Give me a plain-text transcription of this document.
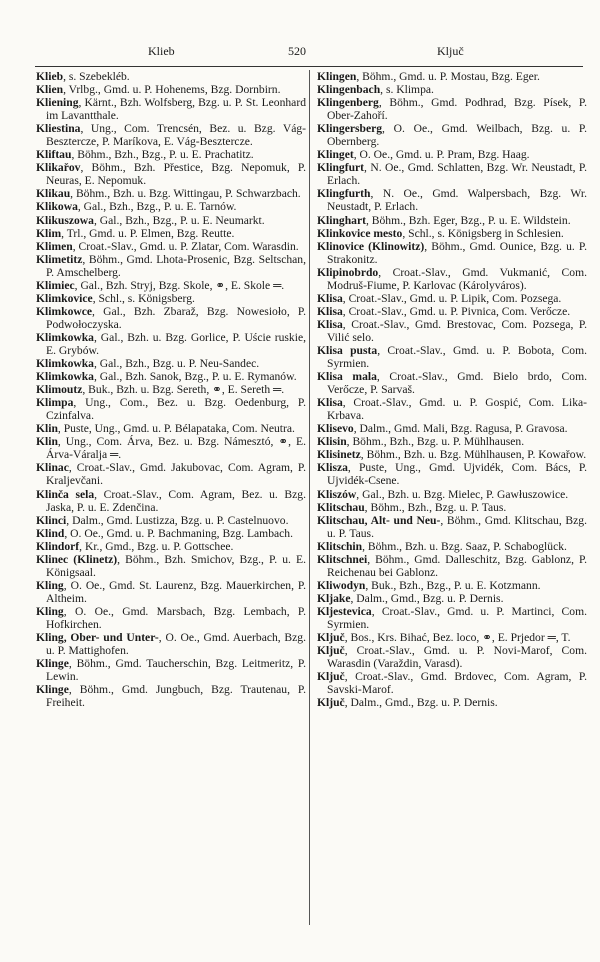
Klieb	520	Ključ
Klieb, s. Szebekléb.
Klien, Vrlbg., Gmd. u. P. Hohenems, Bzg. Dornbirn.
Kliening, Kärnt., Bzh. Wolfsberg, Bzg. u. P. St. Leonhard im Lavantthale.
Kliestina, Ung., Com. Trencsén, Bez. u. Bzg. Vág-Besztercze, P. Maríkova, E. Vág-Besztercze.
Kliftau, Böhm., Bzh., Bzg., P. u. E. Prachatitz.
Klikařov, Böhm., Bzh. Přestice, Bzg. Nepomuk, P. Neuras, E. Nepomuk.
Klikau, Böhm., Bzh. u. Bzg. Wittingau, P. Schwarzbach.
Klikowa, Gal., Bzh., Bzg., P. u. E. Tarnów.
Klikuszowa, Gal., Bzh., Bzg., P. u. E. Neumarkt.
Klim, Trl., Gmd. u. P. Elmen, Bzg. Reutte.
Klimen, Croat.-Slav., Gmd. u. P. Zlatar, Com. Warasdin.
Klimetitz, Böhm., Gmd. Lhota-Prosenic, Bzg. Seltschan, P. Amschelberg.
Klimiec, Gal., Bzh. Stryj, Bzg. Skole, ⚭, E. Skole ═.
Klimkovice, Schl., s. Königsberg.
Klimkowce, Gal., Bzh. Zbaraž, Bzg. Nowesioło, P. Podwołoczyska.
Klimkowka, Gal., Bzh. u. Bzg. Gorlice, P. Uście ruskie, E. Grybów.
Klimkowka, Gal., Bzh., Bzg. u. P. Neu-Sandec.
Klimkowka, Gal., Bzh. Sanok, Bzg., P. u. E. Rymanów.
Klimoutz, Buk., Bzh. u. Bzg. Sereth, ⚭, E. Sereth ═.
Klimpa, Ung., Com., Bez. u. Bzg. Oedenburg, P. Czinfalva.
Klin, Puste, Ung., Gmd. u. P. Bélapataka, Com. Neutra.
Klin, Ung., Com. Árva, Bez. u. Bzg. Námesztó, ⚭, E. Árva-Váralja ═.
Klinac, Croat.-Slav., Gmd. Jakubovac, Com. Agram, P. Kraljevčani.
Klinča sela, Croat.-Slav., Com. Agram, Bez. u. Bzg. Jaska, P. u. E. Zdenčina.
Klinci, Dalm., Gmd. Lustizza, Bzg. u. P. Castelnuovo.
Klind, O. Oe., Gmd. u. P. Bachmaning, Bzg. Lambach.
Klindorf, Kr., Gmd., Bzg. u. P. Gottschee.
Klinec (Klinetz), Böhm., Bzh. Smichov, Bzg., P. u. E. Königsaal.
Kling, O. Oe., Gmd. St. Laurenz, Bzg. Mauerkirchen, P. Altheim.
Kling, O. Oe., Gmd. Marsbach, Bzg. Lembach, P. Hofkirchen.
Kling, Ober- und Unter-, O. Oe., Gmd. Auerbach, Bzg. u. P. Mattighofen.
Klinge, Böhm., Gmd. Taucherschin, Bzg. Leitmeritz, P. Lewin.
Klinge, Böhm., Gmd. Jungbuch, Bzg. Trautenau, P. Freiheit.
Klingen, Böhm., Gmd. u. P. Mostau, Bzg. Eger.
Klingenbach, s. Klimpa.
Klingenberg, Böhm., Gmd. Podhrad, Bzg. Písek, P. Ober-Zahoří.
Klingersberg, O. Oe., Gmd. Weilbach, Bzg. u. P. Obernberg.
Klinget, O. Oe., Gmd. u. P. Pram, Bzg. Haag.
Klingfurt, N. Oe., Gmd. Schlatten, Bzg. Wr. Neustadt, P. Erlach.
Klingfurth, N. Oe., Gmd. Walpersbach, Bzg. Wr. Neustadt, P. Erlach.
Klinghart, Böhm., Bzh. Eger, Bzg., P. u. E. Wildstein.
Klinkovice mesto, Schl., s. Königsberg in Schlesien.
Klinovice (Klinowitz), Böhm., Gmd. Ounice, Bzg. u. P. Strakonitz.
Klipinobrdo, Croat.-Slav., Gmd. Vukmanić, Com. Modruš-Fiume, P. Karlovac (Károlyváros).
Klisa, Croat.-Slav., Gmd. u. P. Lipik, Com. Pozsega.
Klisa, Croat.-Slav., Gmd. u. P. Pivnica, Com. Verőcze.
Klisa, Croat.-Slav., Gmd. Brestovac, Com. Pozsega, P. Vilić selo.
Klisa pusta, Croat.-Slav., Gmd. u. P. Bobota, Com. Syrmien.
Klisa mala, Croat.-Slav., Gmd. Bielo brdo, Com. Verőcze, P. Sarvaš.
Klisa, Croat.-Slav., Gmd. u. P. Gospić, Com. Lika-Krbava.
Klisevo, Dalm., Gmd. Mali, Bzg. Ragusa, P. Gravosa.
Klisin, Böhm., Bzh., Bzg. u. P. Mühlhausen.
Klisinetz, Böhm., Bzh. u. Bzg. Mühlhausen, P. Kowařow.
Klisza, Puste, Ung., Gmd. Ujvidék, Com. Bács, P. Ujvidék-Csene.
Kliszów, Gal., Bzh. u. Bzg. Mielec, P. Gawłuszowice.
Klitschau, Böhm., Bzh., Bzg. u. P. Taus.
Klitschau, Alt- und Neu-, Böhm., Gmd. Klitschau, Bzg. u. P. Taus.
Klitschin, Böhm., Bzh. u. Bzg. Saaz, P. Schaboglück.
Klitschnei, Böhm., Gmd. Dalleschitz, Bzg. Gablonz, P. Reichenau bei Gablonz.
Kliwodyn, Buk., Bzh., Bzg., P. u. E. Kotzmann.
Kljake, Dalm., Gmd., Bzg. u. P. Dernis.
Kljestevica, Croat.-Slav., Gmd. u. P. Martinci, Com. Syrmien.
Ključ, Bos., Krs. Bihać, Bez. loco, ⚭, E. Prjedor ═, T.
Ključ, Croat.-Slav., Gmd. u. P. Novi-Marof, Com. Warasdin (Varaždin, Varasd).
Ključ, Croat.-Slav., Gmd. Brdovec, Com. Agram, P. Savski-Marof.
Ključ, Dalm., Gmd., Bzg. u. P. Dernis.
